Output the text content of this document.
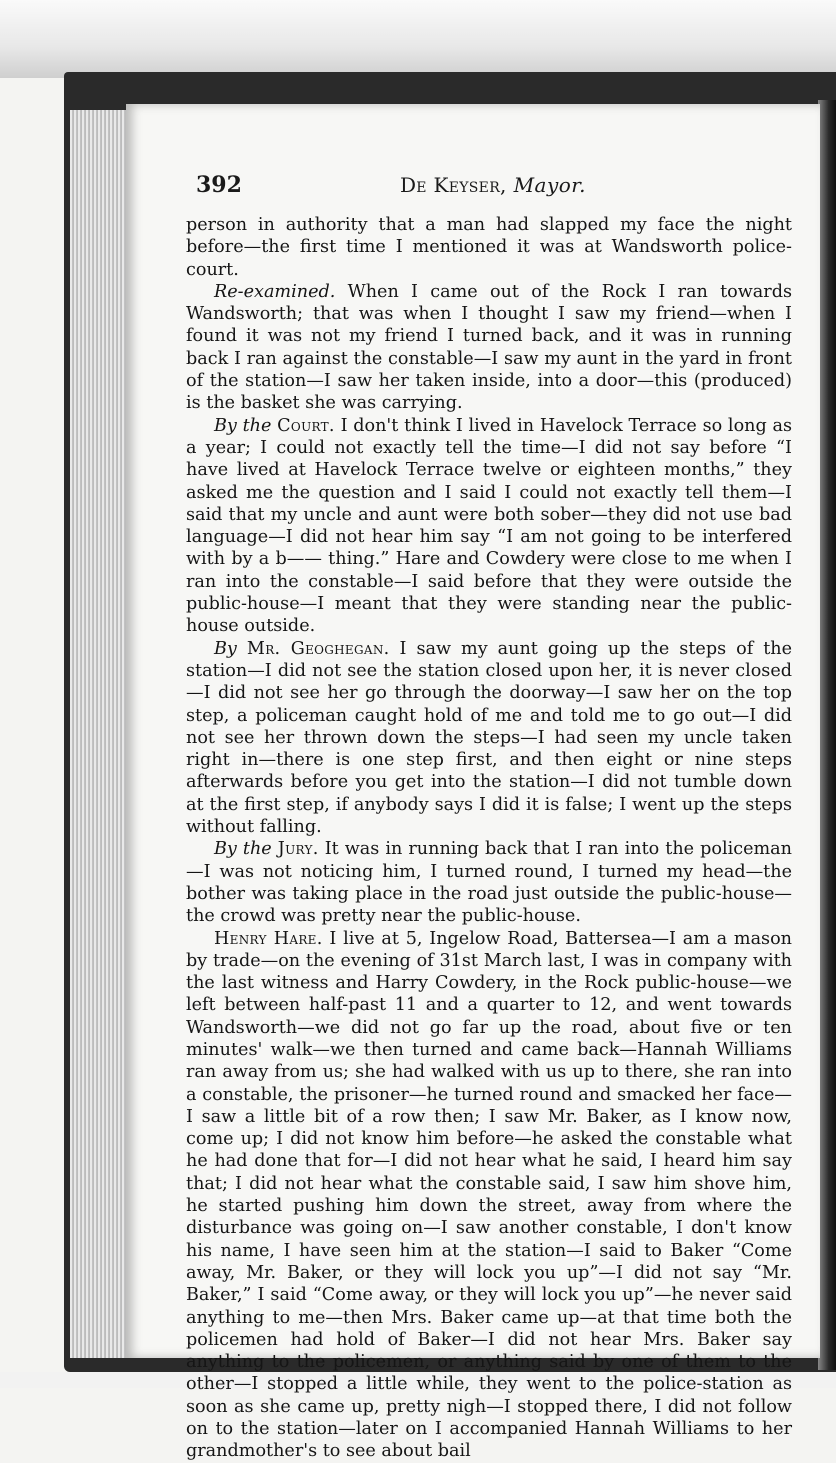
392	De Keyser, Mayor.

person in authority that a man had slapped my face the night before—the first time I mentioned it was at Wandsworth police-court.

Re-examined. When I came out of the Rock I ran towards Wandsworth; that was when I thought I saw my friend—when I found it was not my friend I turned back, and it was in running back I ran against the constable—I saw my aunt in the yard in front of the station—I saw her taken inside, into a door—this (produced) is the basket she was carrying.

By the Court. I don't think I lived in Havelock Terrace so long as a year; I could not exactly tell the time—I did not say before “I have lived at Havelock Terrace twelve or eighteen months,” they asked me the question and I said I could not exactly tell them—I said that my uncle and aunt were both sober—they did not use bad language—I did not hear him say “I am not going to be interfered with by a b—— thing.” Hare and Cowdery were close to me when I ran into the constable—I said before that they were outside the public-house—I meant that they were standing near the public-house outside.

By Mr. Geoghegan. I saw my aunt going up the steps of the station—I did not see the station closed upon her, it is never closed—I did not see her go through the doorway—I saw her on the top step, a policeman caught hold of me and told me to go out—I did not see her thrown down the steps—I had seen my uncle taken right in—there is one step first, and then eight or nine steps afterwards before you get into the station—I did not tumble down at the first step, if anybody says I did it is false; I went up the steps without falling.

By the Jury. It was in running back that I ran into the policeman—I was not noticing him, I turned round, I turned my head—the bother was taking place in the road just outside the public-house—the crowd was pretty near the public-house.

Henry Hare. I live at 5, Ingelow Road, Battersea—I am a mason by trade—on the evening of 31st March last, I was in company with the last witness and Harry Cowdery, in the Rock public-house—we left between half-past 11 and a quarter to 12, and went towards Wandsworth—we did not go far up the road, about five or ten minutes' walk—we then turned and came back—Hannah Williams ran away from us; she had walked with us up to there, she ran into a constable, the prisoner—he turned round and smacked her face—I saw a little bit of a row then; I saw Mr. Baker, as I know now, come up; I did not know him before—he asked the constable what he had done that for—I did not hear what he said, I heard him say that; I did not hear what the constable said, I saw him shove him, he started pushing him down the street, away from where the disturbance was going on—I saw another constable, I don't know his name, I have seen him at the station—I said to Baker “Come away, Mr. Baker, or they will lock you up”—I did not say “Mr. Baker,” I said “Come away, or they will lock you up”—he never said anything to me—then Mrs. Baker came up—at that time both the policemen had hold of Baker—I did not hear Mrs. Baker say anything to the policemen, or anything said by one of them to the other—I stopped a little while, they went to the police-station as soon as she came up, pretty nigh—I stopped there, I did not follow on to the station—later on I accompanied Hannah Williams to her grandmother's to see about bail
